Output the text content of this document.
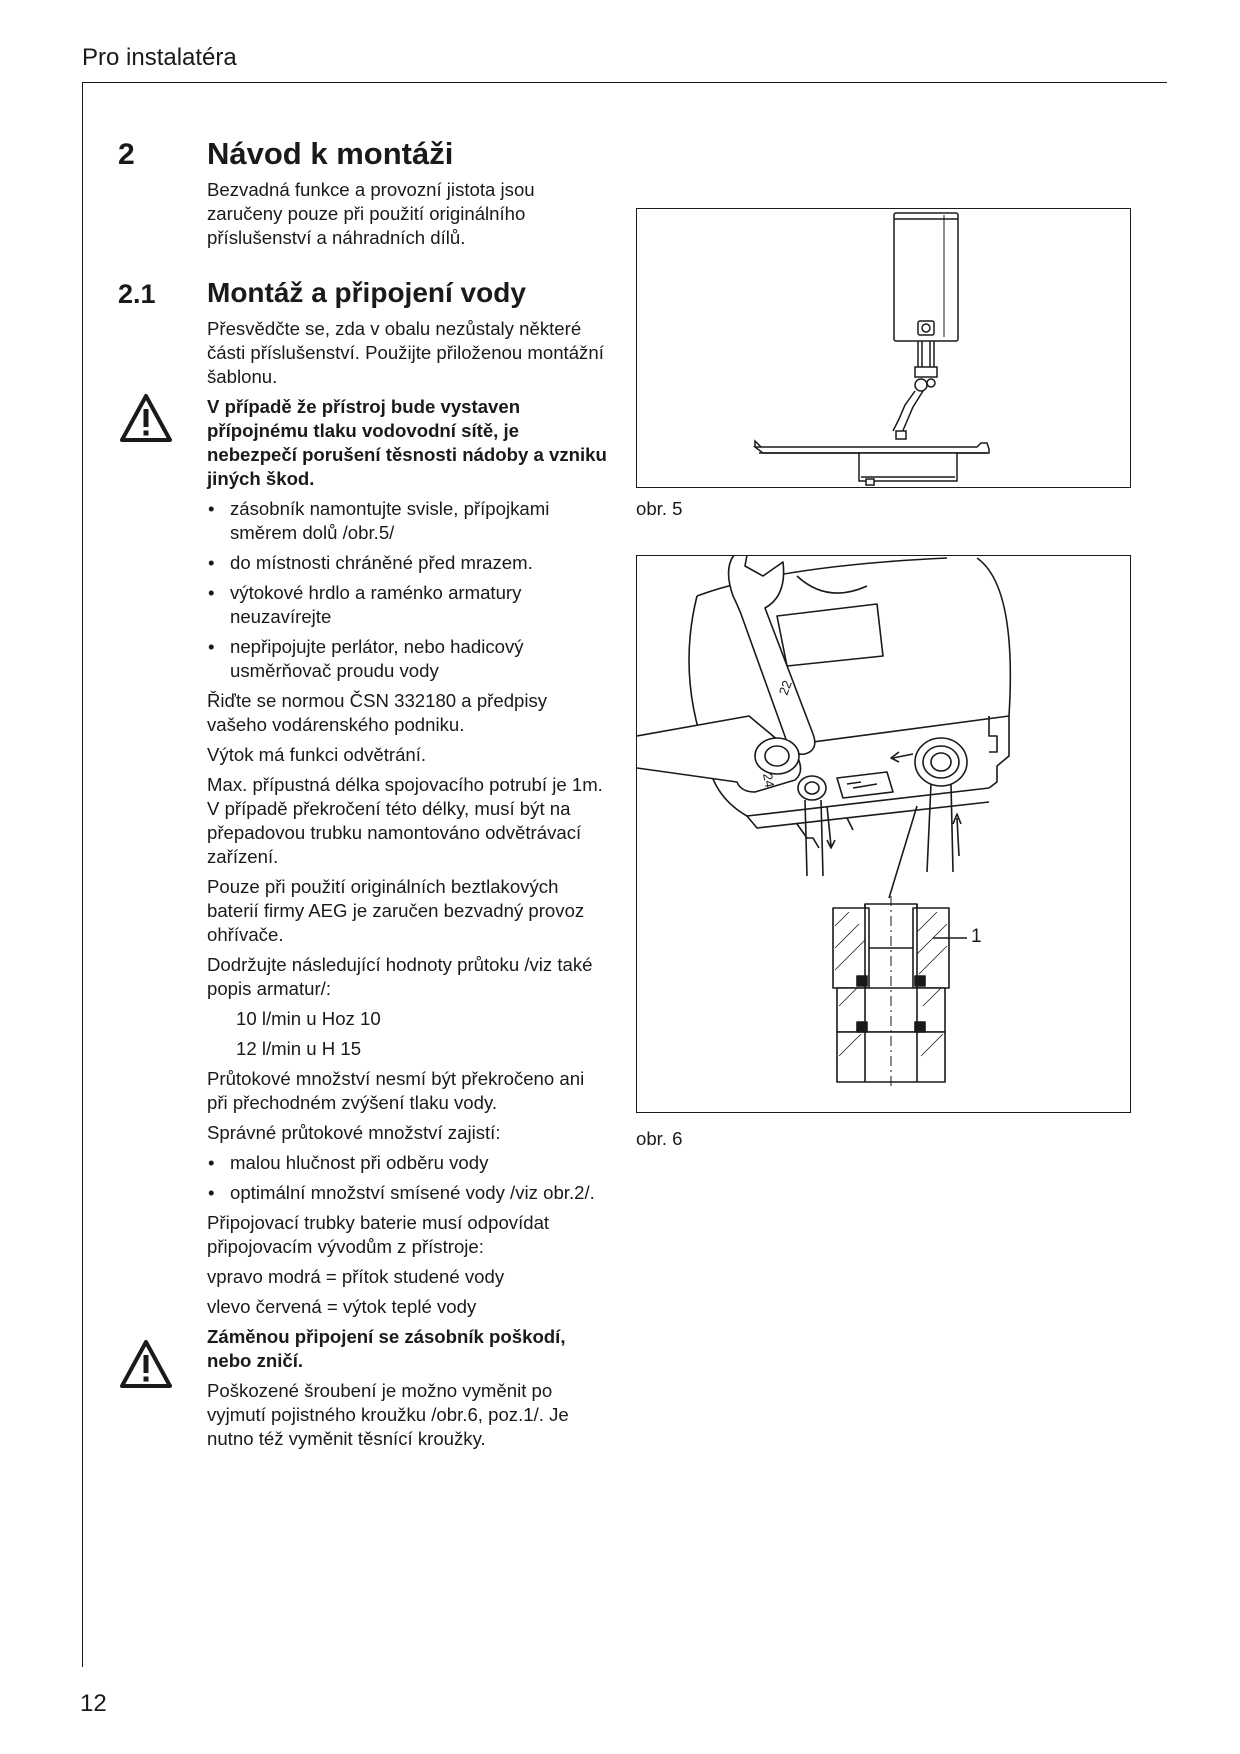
Pro instalatéra
2 Návod k montáži

Bezvadná funkce a provozní jistota jsou zaručeny pouze při použití originálního příslušenství a náhradních dílů.

2.1 Montáž a připojení vody

Přesvědčte se, zda v obalu nezůstaly některé části příslušenství. Použijte přiloženou montážní šablonu.

V případě že přístroj bude vystaven přípojnému tlaku vodovodní sítě, je nebezpečí porušení těsnosti nádoby a vzniku jiných škod.

• zásobník namontujte svisle, přípojkami směrem dolů /obr.5/
• do místnosti chráněné před mrazem.
• výtokové hrdlo a raménko armatury neuzavírejte
• nepřipojujte perlátor, nebo hadicový usměrňovač proudu vody

Řiďte se normou ČSN 332180 a předpisy vašeho vodárenského podniku.

Výtok má funkci odvětrání.

Max. přípustná délka spojovacího potrubí je 1m. V případě překročení této délky, musí být na přepadovou trubku namontováno odvětrávací zařízení.

Pouze při použití originálních beztlakových baterií firmy AEG je zaručen bezvadný provoz ohřívače.

Dodržujte následující hodnoty průtoku /viz také popis armatur/:

10 l/min u Hoz 10

12 l/min u H 15

Průtokové množství nesmí být překročeno ani při přechodném zvýšení tlaku vody.

Správné průtokové množství zajistí:

• malou hlučnost při odběru vody
• optimální množství smísené vody /viz obr.2/.

Připojovací trubky baterie musí odpovídat připojovacím vývodům z přístroje:

vpravo modrá = přítok studené vody

vlevo červená = výtok teplé vody

Záměnou připojení se zásobník poškodí, nebo zničí.

Poškozené šroubení je možno vyměnit po vyjmutí pojistného kroužku /obr.6, poz.1/. Je nutno též vyměnit těsnící kroužky.

obr. 5
22
24
1
obr. 6
12
